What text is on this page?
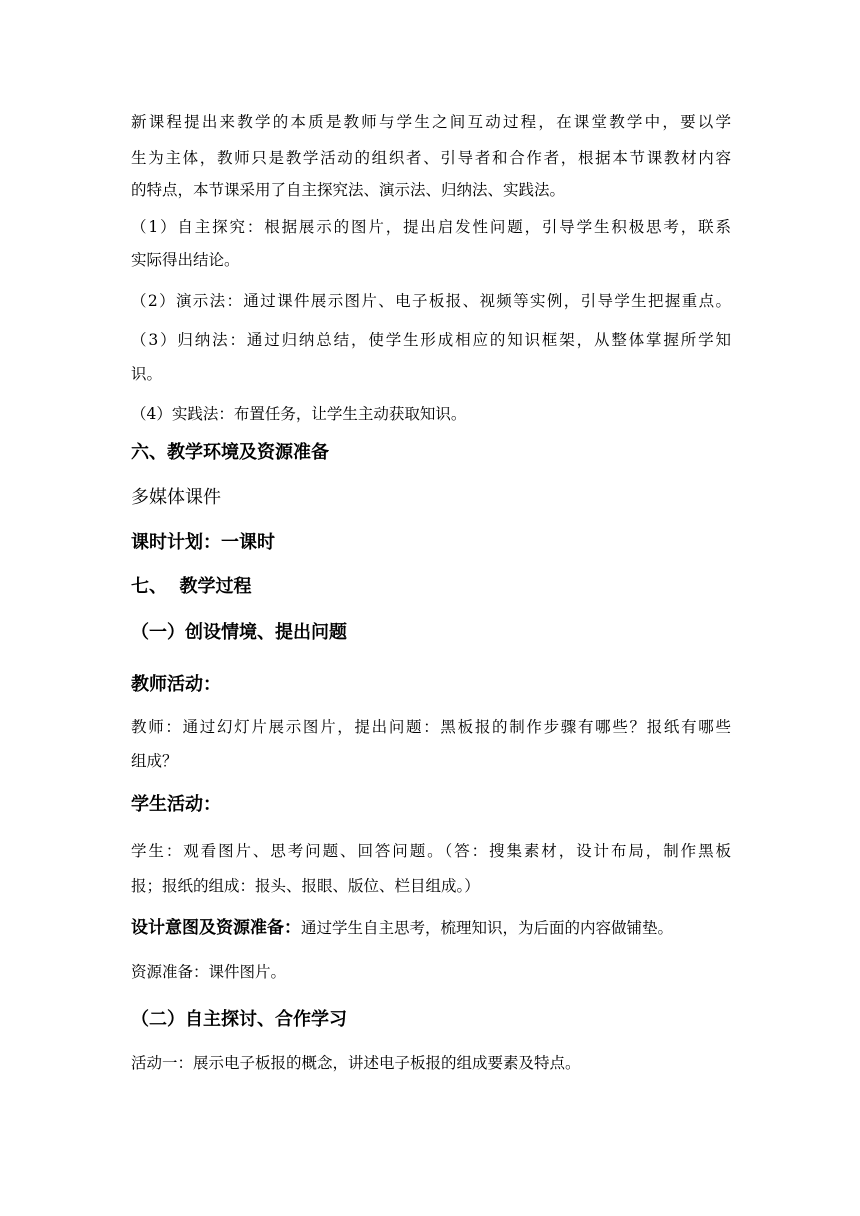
新课程提出来教学的本质是教师与学生之间互动过程，在课堂教学中，要以学
生为主体，教师只是教学活动的组织者、引导者和合作者，根据本节课教材内容
的特点，本节课采用了自主探究法、演示法、归纳法、实践法。
（1）自主探究：根据展示的图片，提出启发性问题，引导学生积极思考，联系
实际得出结论。
（2）演示法：通过课件展示图片、电子板报、视频等实例，引导学生把握重点。
（3）归纳法：通过归纳总结，使学生形成相应的知识框架，从整体掌握所学知
识。
（4）实践法：布置任务，让学生主动获取知识。
六、教学环境及资源准备
多媒体课件
课时计划：一课时
七、  教学过程
（一）创设情境、提出问题
教师活动：
教师：通过幻灯片展示图片，提出问题：黑板报的制作步骤有哪些？报纸有哪些
组成？
学生活动：
学生：观看图片、思考问题、回答问题。（答：搜集素材，设计布局，制作黑板
报；报纸的组成：报头、报眼、版位、栏目组成。）
设计意图及资源准备：通过学生自主思考，梳理知识，为后面的内容做铺垫。
资源准备：课件图片。
（二）自主探讨、合作学习
活动一：展示电子板报的概念，讲述电子板报的组成要素及特点。
